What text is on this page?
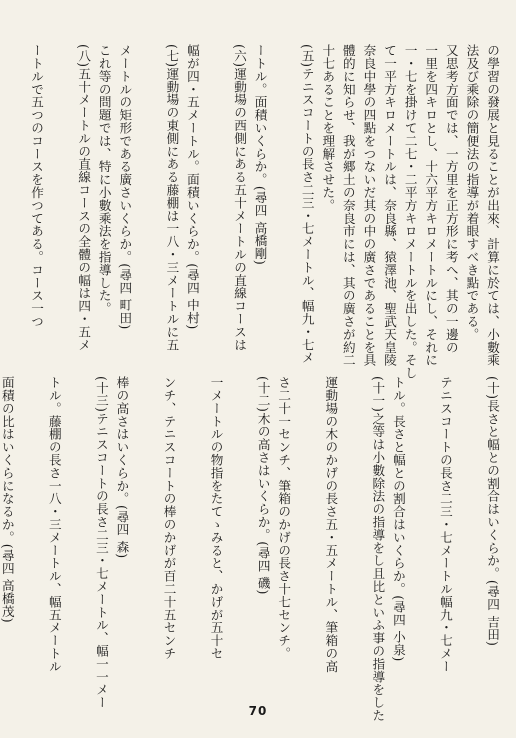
の學習の發展と見ることが出來、計算に於ては、小數乘

法及び乘除の簡便法の指導が着眼すべき點である。

又思考方面では、一方里を正方形に考へ、其の一邊の

一里を四キロとし、十六平方キロメートルにし、それに

一・七を掛けて二七・二平方キロメートルを出した。そし

て一平方キロメートルは、奈良縣、猿澤池、聖武天皇陵

奈良中學の四點をつないだ其の中の廣さであることを具

體的に知らせ、我が郷土の奈良市には、其の廣さが約二

十七あることを理解させた。

(五)テニスコートの長さ二三・七メートル、幅九・七メ

ートル。面積いくらか。(尋四 高橋剛)

(六)運動場の西側にある五十メートルの直線コースは

幅が四・五メートル。面積いくらか。(尋四 中村)

(七)運動場の東側にある藤棚は一八・三メートルに五

メートルの矩形である廣さいくらか。(尋四 町田)

これ等の問題では、特に小數乘法を指導した。

(八)五十メートルの直線コースの全體の幅は四・五メ

ートルで五つのコースを作つてある。コース一つ

(十)長さと幅との割合はいくらか。(尋四 吉田)

テニスコートの長さ二三・七メートル幅九・七メー

トル。長さと幅との割合はいくらか。(尋四 小泉)

(十一)之等は小數除法の指導をし且比といふ事の指導をした

運動場の木のかげの長さ五・五メートル、筆箱の高

さ二十一センチ、筆箱のかげの長さ十七センチ。

(十二)木の高さはいくらか。(尋四 磯)

一メートルの物指をたてゝみると、かげが五十セ

ンチ、テニスコートの棒のかげが百二十五センチ

棒の高さはいくらか。(尋四 森)

(十三)テニスコートの長さ二三・七メートル、幅一一メー

トル。藤棚の長さ一八・三メートル、幅五メートル

面積の比はいくらになるか。(尋四 高橋茂)

70
